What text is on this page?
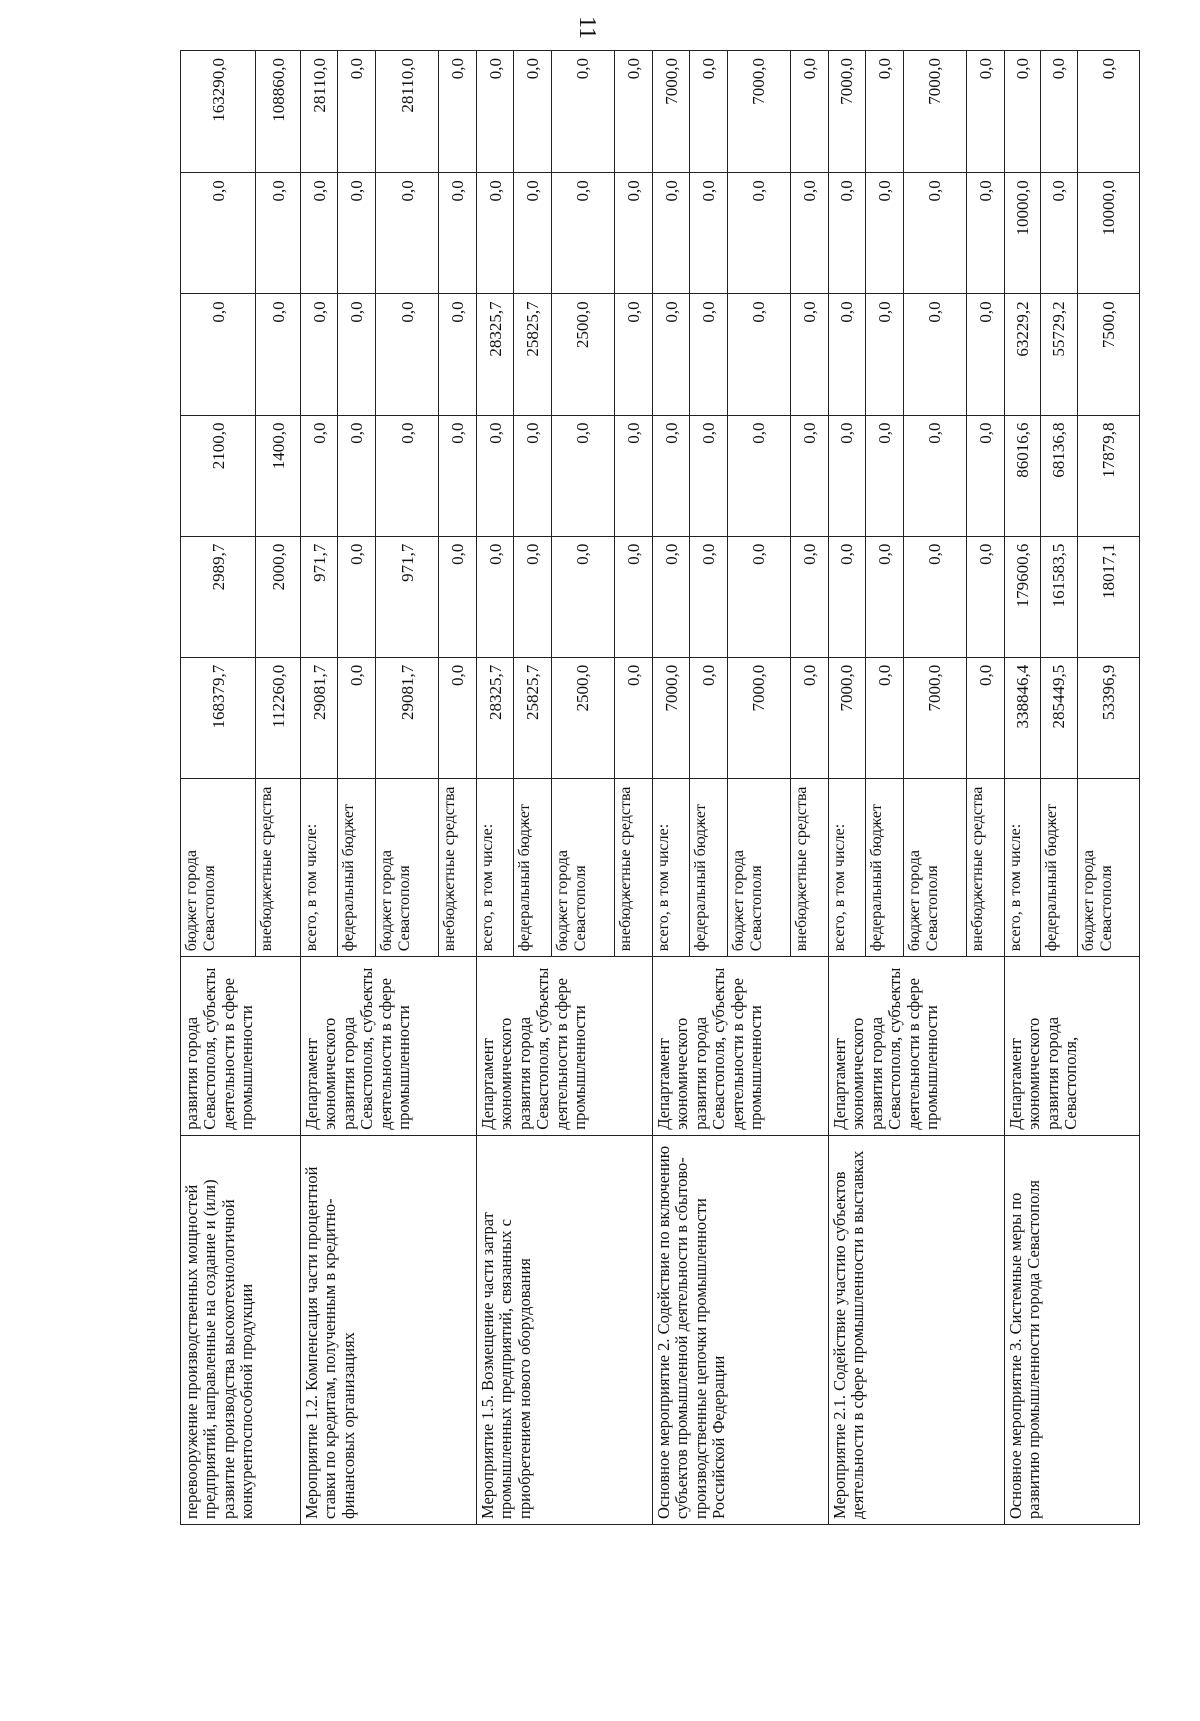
11
перевооружение производственных мощностей предприятий, направленные на создание и (или) развитие производства высокотехнологичной конкурентоспособной продукции	развития города Севастополя, субъекты деятельности в сфере промышленности	бюджет города Севастополя	168379,7	2989,7	2100,0	0,0	0,0	163290,0
		внебюджетные средства	112260,0	2000,0	1400,0	0,0	0,0	108860,0
Мероприятие 1.2. Компенсация части процентной ставки по кредитам, полученным в кредитно-финансовых организациях	Департамент экономического развития города Севастополя, субъекты деятельности в сфере промышленности	всего, в том числе:	29081,7	971,7	0,0	0,0	0,0	28110,0
		федеральный бюджет	0,0	0,0	0,0	0,0	0,0	0,0
		бюджет города Севастополя	29081,7	971,7	0,0	0,0	0,0	28110,0
		внебюджетные средства	0,0	0,0	0,0	0,0	0,0	0,0
Мероприятие 1.5. Возмещение части затрат промышленных предприятий, связанных с приобретением нового оборудования	Департамент экономического развития города Севастополя, субъекты деятельности в сфере промышленности	всего, в том числе:	28325,7	0,0	0,0	28325,7	0,0	0,0
		федеральный бюджет	25825,7	0,0	0,0	25825,7	0,0	0,0
		бюджет города Севастополя	2500,0	0,0	0,0	2500,0	0,0	0,0
		внебюджетные средства	0,0	0,0	0,0	0,0	0,0	0,0
Основное мероприятие 2. Содействие по включению субъектов промышленной деятельности в сбытово-производственные цепочки промышленности Российской Федерации	Департамент экономического развития города Севастополя, субъекты деятельности в сфере промышленности	всего, в том числе:	7000,0	0,0	0,0	0,0	0,0	7000,0
		федеральный бюджет	0,0	0,0	0,0	0,0	0,0	0,0
		бюджет города Севастополя	7000,0	0,0	0,0	0,0	0,0	7000,0
		внебюджетные средства	0,0	0,0	0,0	0,0	0,0	0,0
Мероприятие 2.1. Содействие участию субъектов деятельности в сфере промышленности в выставках	Департамент экономического развития города Севастополя, субъекты деятельности в сфере промышленности	всего, в том числе:	7000,0	0,0	0,0	0,0	0,0	7000,0
		федеральный бюджет	0,0	0,0	0,0	0,0	0,0	0,0
		бюджет города Севастополя	7000,0	0,0	0,0	0,0	0,0	7000,0
		внебюджетные средства	0,0	0,0	0,0	0,0	0,0	0,0
Основное мероприятие 3. Системные меры по развитию промышленности города Севастополя	Департамент экономического развития города Севастополя,	всего, в том числе:	338846,4	179600,6	86016,6	63229,2	10000,0	0,0
		федеральный бюджет	285449,5	161583,5	68136,8	55729,2	0,0	0,0
		бюджет города Севастополя	53396,9	18017,1	17879,8	7500,0	10000,0	0,0
